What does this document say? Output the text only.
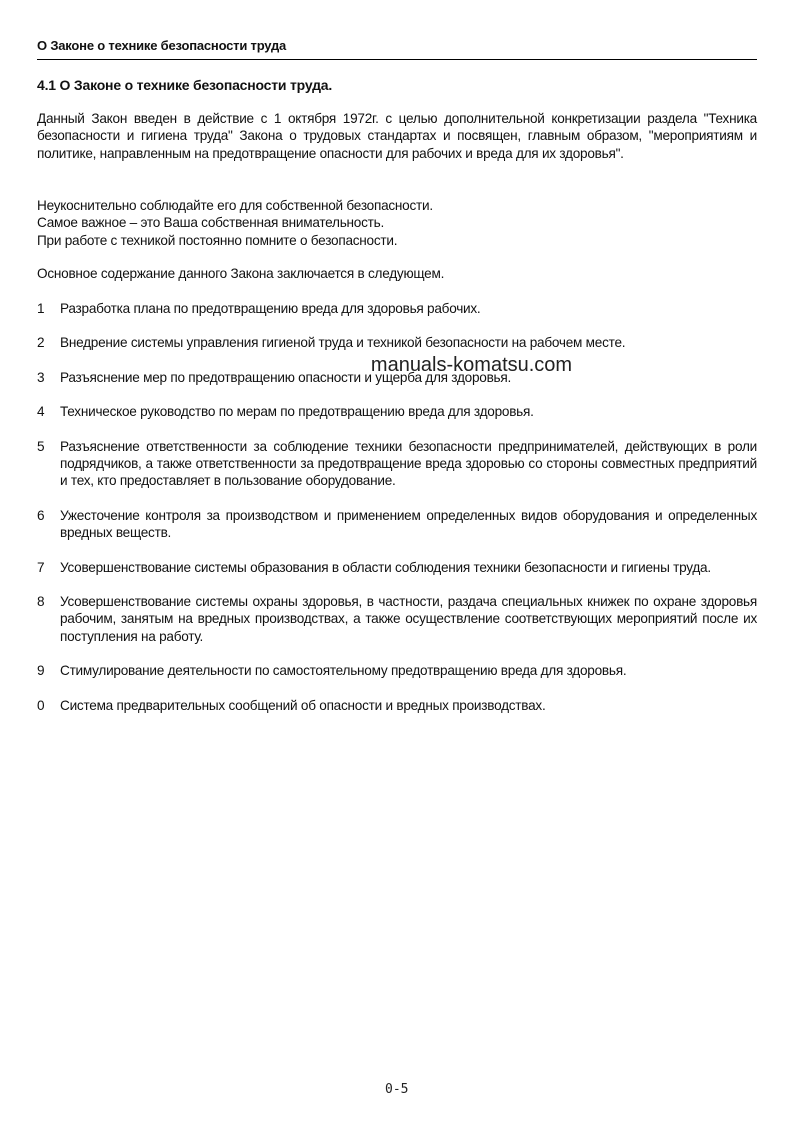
О Законе о технике безопасности труда
4.1 О Законе о технике безопасности труда.
Данный Закон введен в действие с 1 октября 1972г. с целью дополнительной конкретизации раздела "Техника безопасности и гигиена труда" Закона о трудовых стандартах и посвящен, главным образом, "мероприятиям и политике, направленным на предотвращение опасности для рабочих и вреда для их здоровья".
Неукоснительно соблюдайте его для собственной безопасности.
Самое важное – это Ваша собственная внимательность.
При работе с техникой постоянно помните о безопасности.
Основное содержание данного Закона заключается в следующем.
1	Разработка плана по предотвращению вреда для здоровья рабочих.
2	Внедрение системы управления гигиеной труда и техникой безопасности на рабочем месте.
3	Разъяснение мер по предотвращению опасности и ущерба для здоровья.
4	Техническое руководство по мерам по предотвращению вреда для здоровья.
5	Разъяснение ответственности за соблюдение техники безопасности предпринимателей, действующих в роли подрядчиков, а также ответственности за предотвращение вреда здоровью со стороны совместных предприятий и тех, кто предоставляет в пользование оборудование.
6	Ужесточение контроля за производством и применением определенных видов оборудования и определенных вредных веществ.
7	Усовершенствование системы образования в области соблюдения техники безопасности и гигиены труда.
8	Усовершенствование системы охраны здоровья, в частности, раздача специальных книжек по охране здоровья рабочим, занятым на вредных производствах, а также осуществление соответствующих мероприятий после их поступления на работу.
9	Стимулирование деятельности по самостоятельному предотвращению вреда для здоровья.
0	Система предварительных сообщений об опасности и вредных производствах.
manuals-komatsu.com
0-5
